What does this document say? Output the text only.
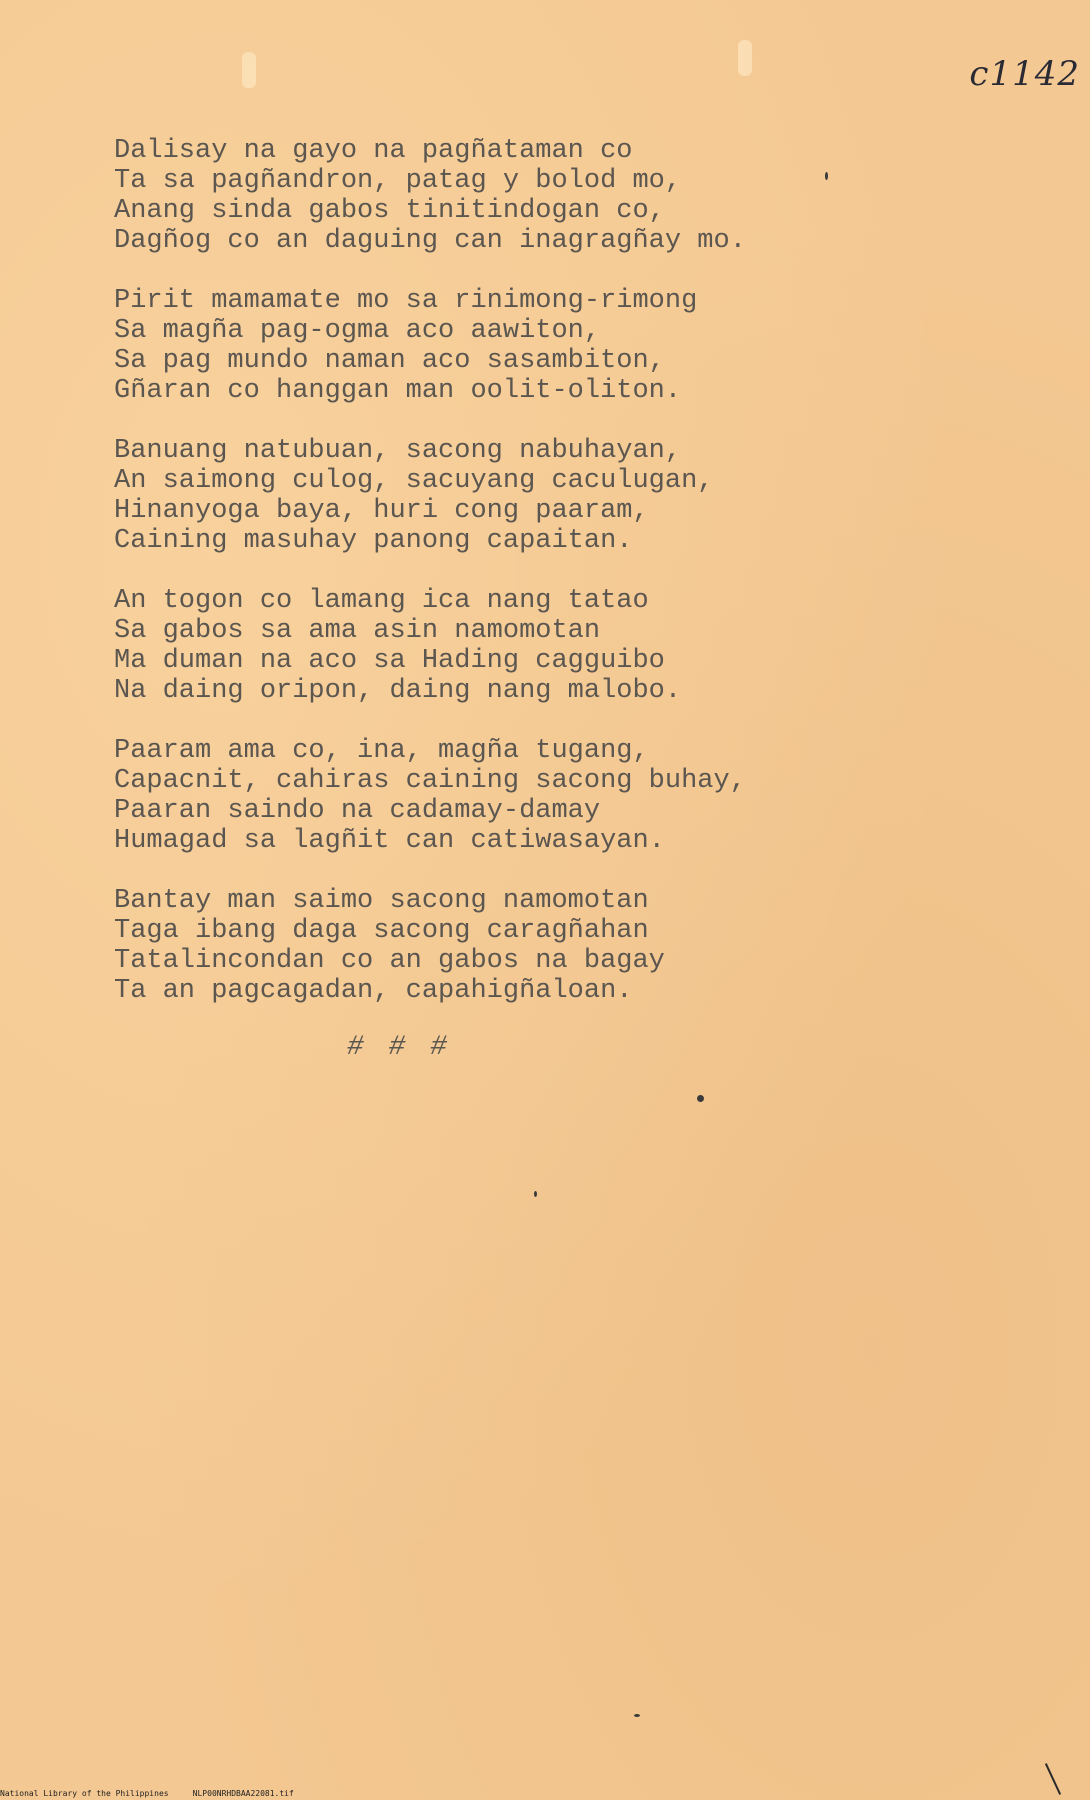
c1142
Dalisay na gayo na pagñataman co
Ta sa pagñandron, patag y bolod mo,
Anang sinda gabos tinitindogan co,
Dagñog co an daguing can inagragñay mo.
Pirit mamamate mo sa rinimong-rimong
Sa magña pag-ogma aco aawiton,
Sa pag mundo naman aco sasambiton,
Gñaran co hanggan man oolit-oliton.
Banuang natubuan, sacong nabuhayan,
An saimong culog, sacuyang caculugan,
Hinanyoga baya, huri cong paaram,
Caining masuhay panong capaitan.
An togon co lamang ica nang tatao
Sa gabos sa ama asin namomotan
Ma duman na aco sa Hading cagguibo
Na daing oripon, daing nang malobo.
Paaram ama co, ina, magña tugang,
Capacnit, cahiras caining sacong buhay,
Paaran saindo na cadamay-damay
Humagad sa lagñit can catiwasayan.
Bantay man saimo sacong namomotan
Taga ibang daga sacong caragñahan
Tatalincondan co an gabos na bagay
Ta an pagcagadan, capahigñaloan.
# # #
National Library of the Philippines	NLP00NRHDBAA22081.tif
